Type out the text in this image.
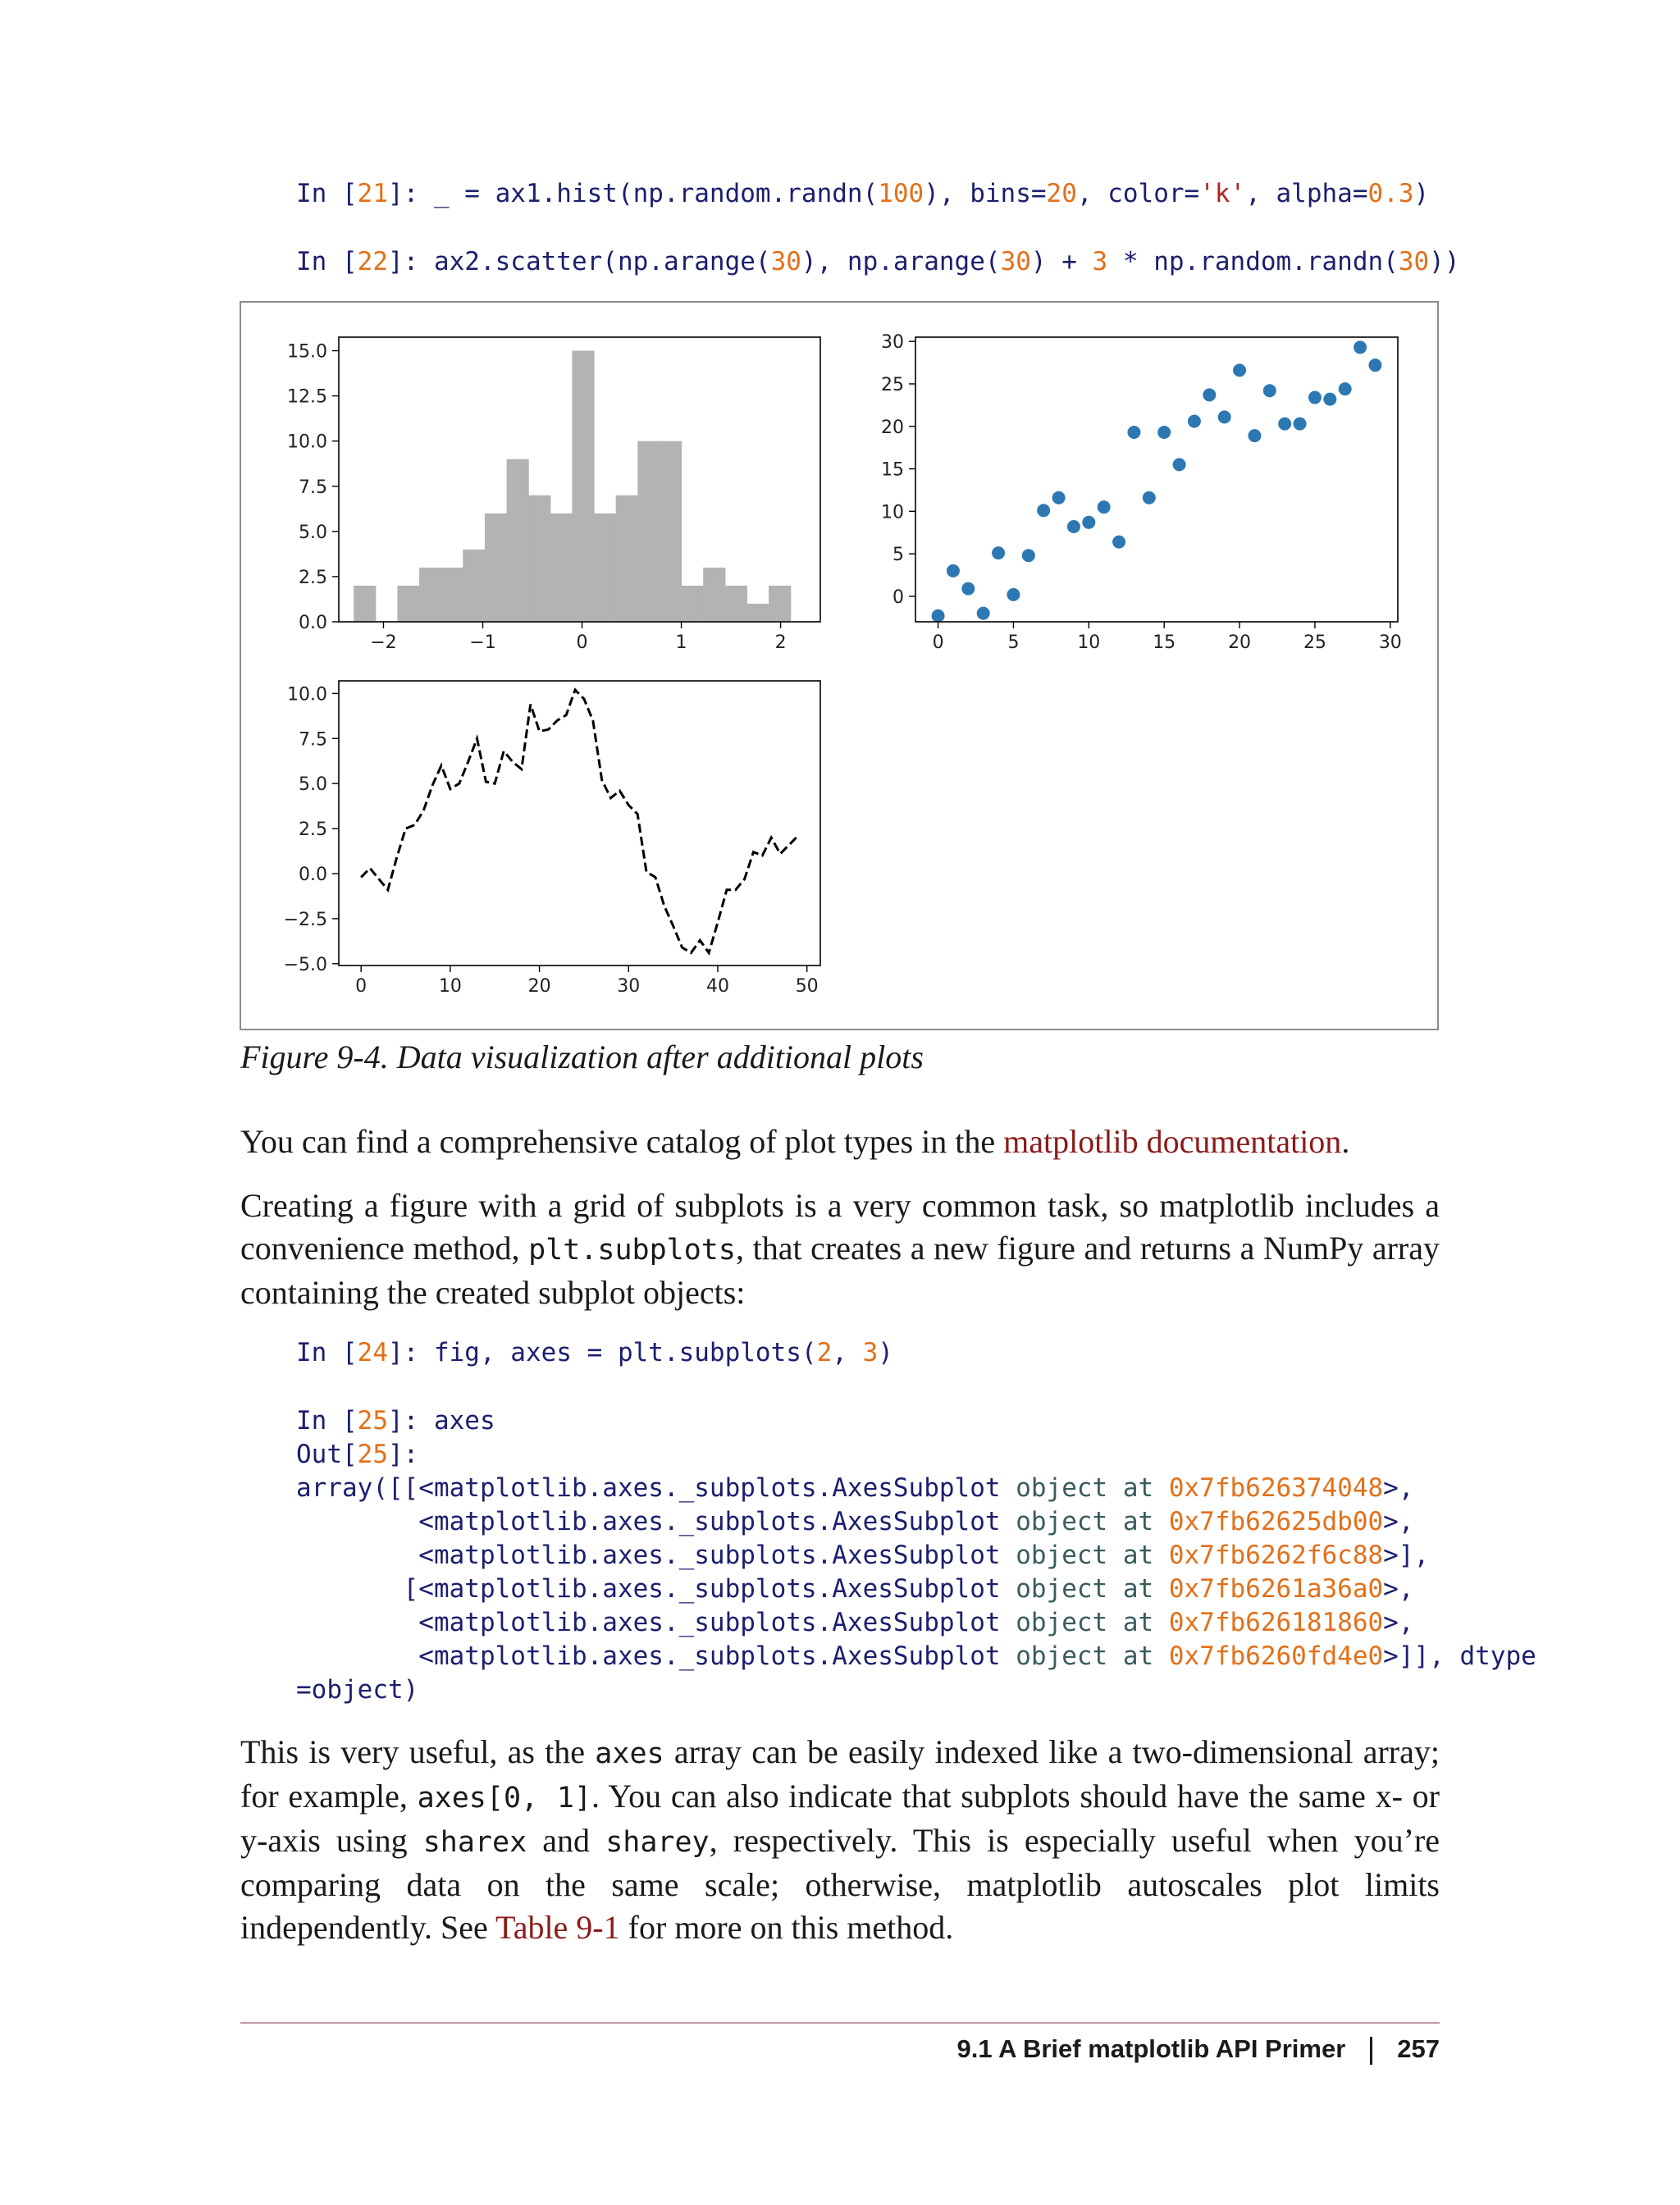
In [21]: _ = ax1.hist(np.random.randn(100), bins=20, color='k', alpha=0.3)

In [22]: ax2.scatter(np.arange(30), np.arange(30) + 3 * np.random.randn(30))

−2	−1	0	1	2
0.0
2.5
5.0
7.5
10.0
12.5
15.0
0	5	10	15	20	25	30
0
5
10
15
20
25
30
0	10	20	30	40	50
−5.0
−2.5
0.0
2.5
5.0
7.5
10.0
Figure 9-4. Data visualization after additional plots

You can find a comprehensive catalog of plot types in the matplotlib documentation.

Creating a figure with a grid of subplots is a very common task, so matplotlib includes a convenience method, plt.subplots, that creates a new figure and returns a NumPy array containing the created subplot objects:

In [24]: fig, axes = plt.subplots(2, 3)

In [25]: axes
Out[25]:
array([[<matplotlib.axes._subplots.AxesSubplot object at 0x7fb626374048>,
<matplotlib.axes._subplots.AxesSubplot object at 0x7fb62625db00>,
<matplotlib.axes._subplots.AxesSubplot object at 0x7fb6262f6c88>],
[<matplotlib.axes._subplots.AxesSubplot object at 0x7fb6261a36a0>,
<matplotlib.axes._subplots.AxesSubplot object at 0x7fb626181860>,
<matplotlib.axes._subplots.AxesSubplot object at 0x7fb6260fd4e0>]], dtype
=object)

This is very useful, as the axes array can be easily indexed like a two-dimensional array; for example, axes[0, 1]. You can also indicate that subplots should have the same x- or y-axis using sharex and sharey, respectively. This is especially useful when you’re comparing data on the same scale; otherwise, matplotlib autoscales plot limits independently. See Table 9-1 for more on this method.

9.1 A Brief matplotlib API Primer 257
